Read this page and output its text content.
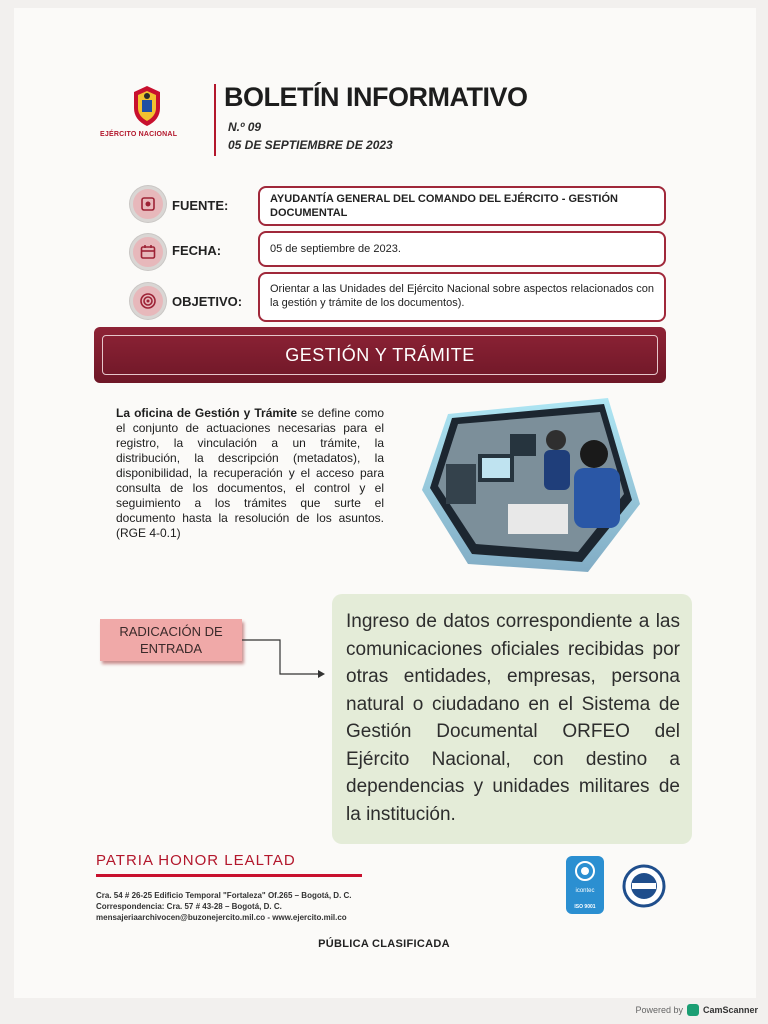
EJÉRCITO NACIONAL
BOLETÍN INFORMATIVO
N.º 09
05 DE SEPTIEMBRE DE 2023
FUENTE:	AYUDANTÍA GENERAL DEL COMANDO DEL EJÉRCITO - GESTIÓN DOCUMENTAL
FECHA:	05 de septiembre de 2023.
OBJETIVO:
Orientar a las Unidades del Ejército Nacional sobre aspectos relacionados con la gestión y trámite de los documentos).
GESTIÓN Y TRÁMITE
La oficina de Gestión y Trámite se define como el conjunto de actuaciones necesarias para el registro, la vinculación a un trámite, la distribución, la descripción (metadatos), la disponibilidad, la recuperación y el acceso para consulta de los documentos, el control y el seguimiento a los trámites que surte el documento hasta la resolución de los asuntos. (RGE 4-0.1)
RADICACIÓN DE
ENTRADA
Ingreso de datos correspondiente a las comunicaciones oficiales recibidas por otras entidades, empresas, persona natural o ciudadano en el Sistema de Gestión Documental ORFEO del Ejército Nacional, con destino a dependencias y unidades militares de la institución.
PATRIA HONOR LEALTAD
Cra. 54 # 26-25 Edificio Temporal "Fortaleza" Of.265 – Bogotá, D. C.
Correspondencia: Cra. 57 # 43-28 – Bogotá, D. C.
mensajeriaarchivocen@buzonejercito.mil.co - www.ejercito.mil.co
icontec
ISO 9001
PÚBLICA CLASIFICADA
Powered by CamScanner
